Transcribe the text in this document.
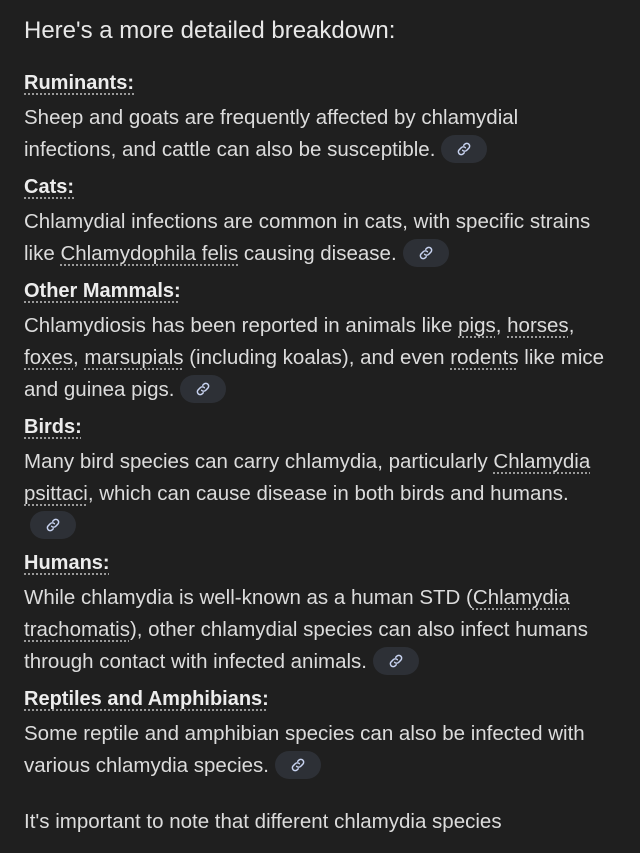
Here's a more detailed breakdown:

Ruminants:

Sheep and goats are frequently affected by chlamydial infections, and cattle can also be susceptible.

Cats:

Chlamydial infections are common in cats, with specific strains like Chlamydophila felis causing disease.

Other Mammals:

Chlamydiosis has been reported in animals like pigs, horses, foxes, marsupials (including koalas), and even rodents like mice and guinea pigs.

Birds:

Many bird species can carry chlamydia, particularly Chlamydia psittaci, which can cause disease in both birds and humans.

Humans:

While chlamydia is well-known as a human STD (Chlamydia trachomatis), other chlamydial species can also infect humans through contact with infected animals.

Reptiles and Amphibians:

Some reptile and amphibian species can also be infected with various chlamydia species.

It's important to note that different chlamydia species
